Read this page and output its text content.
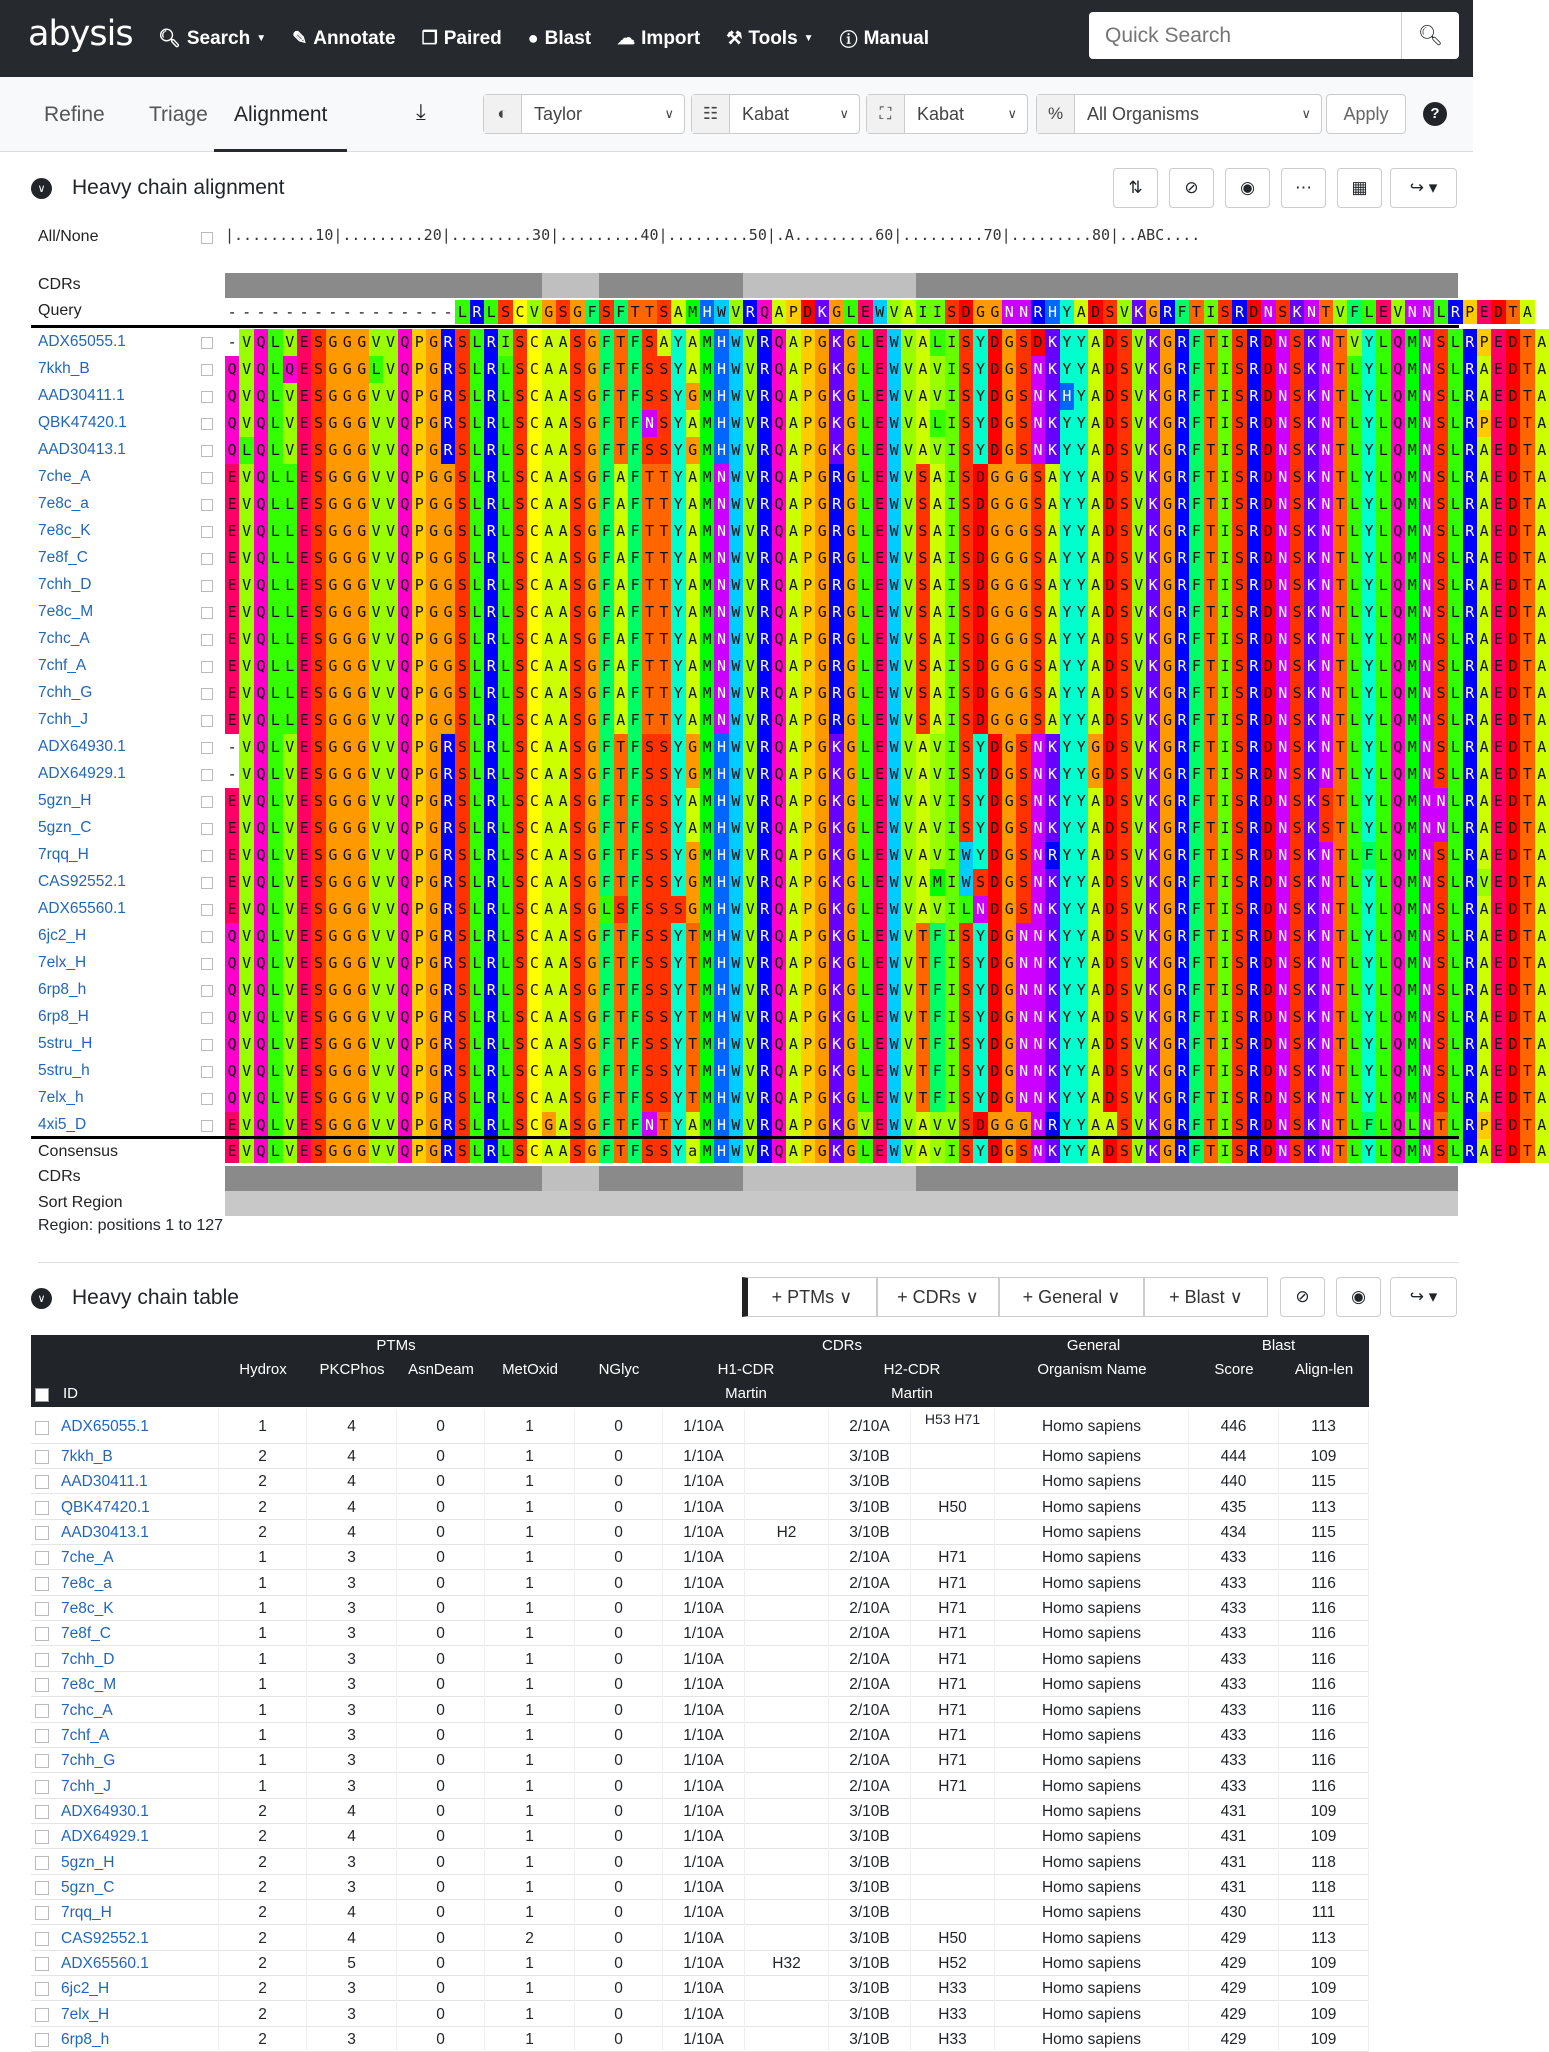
abysis 🔍︎ Search ▼ ✎ Annotate ❐ Paired ● Blast ☁ Import ⚒ Tools ▼ ⓘ Manual
Quick Search	🔍︎
Refine Triage	Alignment	⤓	◐	Taylor	∨	☷	Kabat	∨	⛶	Kabat	∨	%	All Organisms	∨	Apply	?
∨	Heavy chain alignment	⇅	⊘	◉	⋯	▦	↪ ▾
All/None	|.........10|.........20|.........30|.........40|.........50|.A.........60|.........70|.........80|..ABC....
CDRs
Query	- - - - - - - - - - - - - - - - L R L S C V G S G F S F T T S A M H W V R Q A P D K G L E W V A I I S D G G N N R H Y A D S V K G R F T I S R D N S K N T V F L E V N N L R P E D T A
ADX65055.1	- V Q L V E S G G G V V Q P G R S L R I S C A A S G F T F S A Y A M H W V R Q A P G K G L E W V A L I S Y D G S D K Y Y A D S V K G R F T I S R D N S K N T V Y L Q M N S L R P E D T A
7kkh_B	Q V Q L Q E S G G G L V Q P G R S L R L S C A A S G F T F S S Y A M H W V R Q A P G K G L E W V A V I S Y D G S N K Y Y A D S V K G R F T I S R D N S K N T L Y L Q M N S L R A E D T A
AAD30411.1	Q V Q L V E S G G G V V Q P G R S L R L S C A A S G F T F S S Y G M H W V R Q A P G K G L E W V A V I S Y D G S N K H Y A D S V K G R F T I S R D N S K N T L Y L Q M N S L R A E D T A
QBK47420.1	Q V Q L V E S G G G V V Q P G R S L R L S C A A S G F T F N S Y A M H W V R Q A P G K G L E W V A L I S Y D G S N K Y Y A D S V K G R F T I S R D N S K N T L Y L Q M N S L R P E D T A
AAD30413.1	Q L Q L V E S G G G V V Q P G R S L R L S C A A S G F T F S S Y G M H W V R Q A P G K G L E W V A V I S Y D G S N K Y Y A D S V K G R F T I S R D N S K N T L Y L Q M N S L R A E D T A
7che_A	E V Q L L E S G G G V V Q P G G S L R L S C A A S G F A F T T Y A M N W V R Q A P G R G L E W V S A I S D G G G S A Y Y A D S V K G R F T I S R D N S K N T L Y L Q M N S L R A E D T A
7e8c_a	E V Q L L E S G G G V V Q P G G S L R L S C A A S G F A F T T Y A M N W V R Q A P G R G L E W V S A I S D G G G S A Y Y A D S V K G R F T I S R D N S K N T L Y L Q M N S L R A E D T A
7e8c_K	E V Q L L E S G G G V V Q P G G S L R L S C A A S G F A F T T Y A M N W V R Q A P G R G L E W V S A I S D G G G S A Y Y A D S V K G R F T I S R D N S K N T L Y L Q M N S L R A E D T A
7e8f_C	E V Q L L E S G G G V V Q P G G S L R L S C A A S G F A F T T Y A M N W V R Q A P G R G L E W V S A I S D G G G S A Y Y A D S V K G R F T I S R D N S K N T L Y L Q M N S L R A E D T A
7chh_D	E V Q L L E S G G G V V Q P G G S L R L S C A A S G F A F T T Y A M N W V R Q A P G R G L E W V S A I S D G G G S A Y Y A D S V K G R F T I S R D N S K N T L Y L Q M N S L R A E D T A
7e8c_M	E V Q L L E S G G G V V Q P G G S L R L S C A A S G F A F T T Y A M N W V R Q A P G R G L E W V S A I S D G G G S A Y Y A D S V K G R F T I S R D N S K N T L Y L Q M N S L R A E D T A
7chc_A	E V Q L L E S G G G V V Q P G G S L R L S C A A S G F A F T T Y A M N W V R Q A P G R G L E W V S A I S D G G G S A Y Y A D S V K G R F T I S R D N S K N T L Y L Q M N S L R A E D T A
7chf_A	E V Q L L E S G G G V V Q P G G S L R L S C A A S G F A F T T Y A M N W V R Q A P G R G L E W V S A I S D G G G S A Y Y A D S V K G R F T I S R D N S K N T L Y L Q M N S L R A E D T A
7chh_G	E V Q L L E S G G G V V Q P G G S L R L S C A A S G F A F T T Y A M N W V R Q A P G R G L E W V S A I S D G G G S A Y Y A D S V K G R F T I S R D N S K N T L Y L Q M N S L R A E D T A
7chh_J	E V Q L L E S G G G V V Q P G G S L R L S C A A S G F A F T T Y A M N W V R Q A P G R G L E W V S A I S D G G G S A Y Y A D S V K G R F T I S R D N S K N T L Y L Q M N S L R A E D T A
ADX64930.1	- V Q L V E S G G G V V Q P G R S L R L S C A A S G F T F S S Y G M H W V R Q A P G K G L E W V A V I S Y D G S N K Y Y G D S V K G R F T I S R D N S K N T L Y L Q M N S L R A E D T A
ADX64929.1	- V Q L V E S G G G V V Q P G R S L R L S C A A S G F T F S S Y G M H W V R Q A P G K G L E W V A V I S Y D G S N K Y Y G D S V K G R F T I S R D N S K N T L Y L Q M N S L R A E D T A
5gzn_H	E V Q L V E S G G G V V Q P G R S L R L S C A A S G F T F S S Y A M H W V R Q A P G K G L E W V A V I S Y D G S N K Y Y A D S V K G R F T I S R D N S K S T L Y L Q M N N L R A E D T A
5gzn_C	E V Q L V E S G G G V V Q P G R S L R L S C A A S G F T F S S Y A M H W V R Q A P G K G L E W V A V I S Y D G S N K Y Y A D S V K G R F T I S R D N S K S T L Y L Q M N N L R A E D T A
7rqq_H	E V Q L V E S G G G V V Q P G R S L R L S C A A S G F T F S S Y G M H W V R Q A P G K G L E W V A V I W Y D G S N R Y Y A D S V K G R F T I S R D N S K N T L F L Q M N S L R A E D T A
CAS92552.1	E V Q L V E S G G G V V Q P G R S L R L S C A A S G F T F S S Y G M H W V R Q A P G K G L E W V A M I W S D G S N K Y Y A D S V K G R F T I S R D N S K N T L Y L Q M N S L R V E D T A
ADX65560.1	E V Q L V E S G G G V V Q P G R S L R L S C A A S G L S F S S S G M H W V R Q A P G K G L E W V A V I L N D G S N K Y Y A D S V K G R F T I S R D N S K N T L Y L Q M N S L R A E D T A
6jc2_H	Q V Q L V E S G G G V V Q P G R S L R L S C A A S G F T F S S Y T M H W V R Q A P G K G L E W V T F I S Y D G N N K Y Y A D S V K G R F T I S R D N S K N T L Y L Q M N S L R A E D T A
7elx_H	Q V Q L V E S G G G V V Q P G R S L R L S C A A S G F T F S S Y T M H W V R Q A P G K G L E W V T F I S Y D G N N K Y Y A D S V K G R F T I S R D N S K N T L Y L Q M N S L R A E D T A
6rp8_h	Q V Q L V E S G G G V V Q P G R S L R L S C A A S G F T F S S Y T M H W V R Q A P G K G L E W V T F I S Y D G N N K Y Y A D S V K G R F T I S R D N S K N T L Y L Q M N S L R A E D T A
6rp8_H	Q V Q L V E S G G G V V Q P G R S L R L S C A A S G F T F S S Y T M H W V R Q A P G K G L E W V T F I S Y D G N N K Y Y A D S V K G R F T I S R D N S K N T L Y L Q M N S L R A E D T A
5stru_H	Q V Q L V E S G G G V V Q P G R S L R L S C A A S G F T F S S Y T M H W V R Q A P G K G L E W V T F I S Y D G N N K Y Y A D S V K G R F T I S R D N S K N T L Y L Q M N S L R A E D T A
5stru_h	Q V Q L V E S G G G V V Q P G R S L R L S C A A S G F T F S S Y T M H W V R Q A P G K G L E W V T F I S Y D G N N K Y Y A D S V K G R F T I S R D N S K N T L Y L Q M N S L R A E D T A
7elx_h	Q V Q L V E S G G G V V Q P G R S L R L S C A A S G F T F S S Y T M H W V R Q A P G K G L E W V T F I S Y D G N N K Y Y A D S V K G R F T I S R D N S K N T L Y L Q M N S L R A E D T A
4xi5_D	E V Q L V E S G G G V V Q P G R S L R L S C G A S G F T F N T Y A M H W V R Q A P G K G V E W V A V V S D G G G N R Y Y A A S V K G R F T I S R D N S K N T L F L Q L N T L R P E D T A
Consensus	E V Q L V E S G G G V V Q P G R S L R L S C A A S G F T F S S Y a M H W V R Q A P G K G L E W V A v I S Y D G S N K Y Y A D S V K G R F T I S R D N S K N T L Y L Q M N S L R A E D T A
CDRs
Sort Region
Region: positions 1 to 127
∨	Heavy chain table	+ PTMs
∨ + CDRs
∨ + General
∨	+ Blast
∨	⊘	◉	↪ ▾
PTMs	CDRs	General	Blast
Hydrox	PKCPhos	AsnDeam	MetOxid	NGlyc	H1-CDR
Martin
H2-CDR
Martin
Organism Name	Score	Align-len
ID
ADX65055.1	1	4	0	1	0	1/10A	2/10A	H53 H71	Homo sapiens	446	113
7kkh_B	2	4	0	1	0	1/10A	3/10B	Homo sapiens	444	109
AAD30411.1	2	4	0	1	0	1/10A	3/10B	Homo sapiens	440	115
QBK47420.1	2	4	0	1	0	1/10A	3/10B	H50	Homo sapiens	435	113
AAD30413.1	2	4	0	1	0	1/10A	H2	3/10B	Homo sapiens	434	115
7che_A	1	3	0	1	0	1/10A	2/10A	H71	Homo sapiens	433	116
7e8c_a	1	3	0	1	0	1/10A	2/10A	H71	Homo sapiens	433	116
7e8c_K	1	3	0	1	0	1/10A	2/10A	H71	Homo sapiens	433	116
7e8f_C	1	3	0	1	0	1/10A	2/10A	H71	Homo sapiens	433	116
7chh_D	1	3	0	1	0	1/10A	2/10A	H71	Homo sapiens	433	116
7e8c_M	1	3	0	1	0	1/10A	2/10A	H71	Homo sapiens	433	116
7chc_A	1	3	0	1	0	1/10A	2/10A	H71	Homo sapiens	433	116
7chf_A	1	3	0	1	0	1/10A	2/10A	H71	Homo sapiens	433	116
7chh_G	1	3	0	1	0	1/10A	2/10A	H71	Homo sapiens	433	116
7chh_J	1	3	0	1	0	1/10A	2/10A	H71	Homo sapiens	433	116
ADX64930.1	2	4	0	1	0	1/10A	3/10B	Homo sapiens	431	109
ADX64929.1	2	4	0	1	0	1/10A	3/10B	Homo sapiens	431	109
5gzn_H	2	3	0	1	0	1/10A	3/10B	Homo sapiens	431	118
5gzn_C	2	3	0	1	0	1/10A	3/10B	Homo sapiens	431	118
7rqq_H	2	4	0	1	0	1/10A	3/10B	Homo sapiens	430	111
CAS92552.1	2	4	0	2	0	1/10A	3/10B	H50	Homo sapiens	429	113
ADX65560.1	2	5	0	1	0	1/10A	H32	3/10B	H52	Homo sapiens	429	109
6jc2_H	2	3	0	1	0	1/10A	3/10B	H33	Homo sapiens	429	109
7elx_H	2	3	0	1	0	1/10A	3/10B	H33	Homo sapiens	429	109
6rp8_h	2	3	0	1	0	1/10A	3/10B	H33	Homo sapiens	429	109
